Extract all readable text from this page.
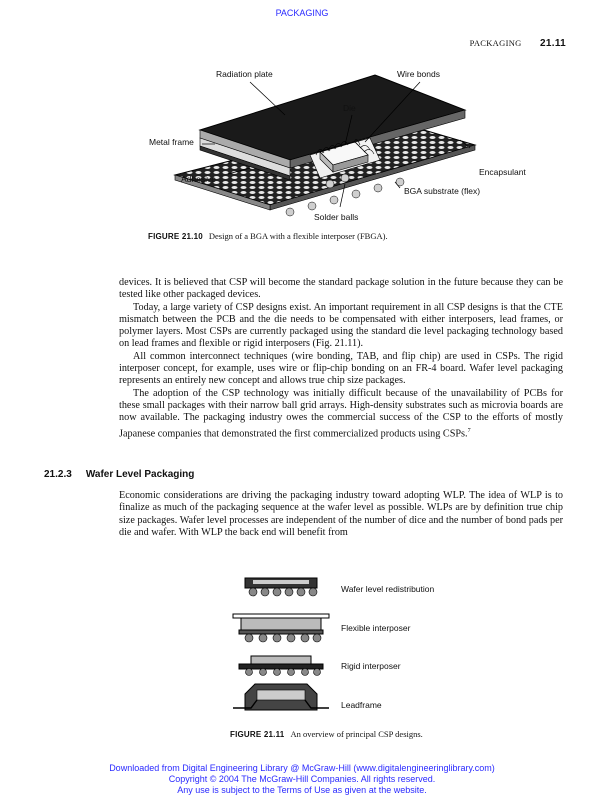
PACKAGING
PACKAGING 21.11
Radiation plate	Wire bonds
Die
Metal frame
Encapsulant
Adhesive
BGA substrate (flex)
Solder balls
FIGURE 21.10 Design of a BGA with a flexible interposer (FBGA).

devices. It is believed that CSP will become the standard package solution in the future because they can be tested like other packaged devices.

Today, a large variety of CSP designs exist. An important requirement in all CSP designs is that the CTE mismatch between the PCB and the die needs to be compensated with either interposers, lead frames, or polymer layers. Most CSPs are currently packaged using the standard die level packaging technology based on lead frames and flexible or rigid interposers (Fig. 21.11).

All common interconnect techniques (wire bonding, TAB, and flip chip) are used in CSPs. The rigid interposer concept, for example, uses wire or flip-chip bonding on an FR-4 board. Wafer level packaging represents an entirely new concept and allows true chip size packages.

The adoption of the CSP technology was initially difficult because of the unavailability of PCBs for these small packages with their narrow ball grid arrays. High-density substrates such as microvia boards are now available. The packaging industry owes the commercial success of the CSP to the efforts of mostly Japanese companies that demonstrated the first commercialized products using CSPs.$^7$

21.2.3 Wafer Level Packaging

Economic considerations are driving the packaging industry toward adopting WLP. The idea of WLP is to finalize as much of the packaging sequence at the wafer level as possible. WLPs are by definition true chip size packages. Wafer level processes are independent of the number of dice and the number of bond pads per die and wafer. With WLP the back end will benefit from

Wafer level redistribution
Flexible interposer
Rigid interposer
Leadframe
FIGURE 21.11 An overview of principal CSP designs.
Downloaded from Digital Engineering Library @ McGraw-Hill (www.digitalengineeringlibrary.com)
Copyright © 2004 The McGraw-Hill Companies. All rights reserved.
Any use is subject to the Terms of Use as given at the website.
